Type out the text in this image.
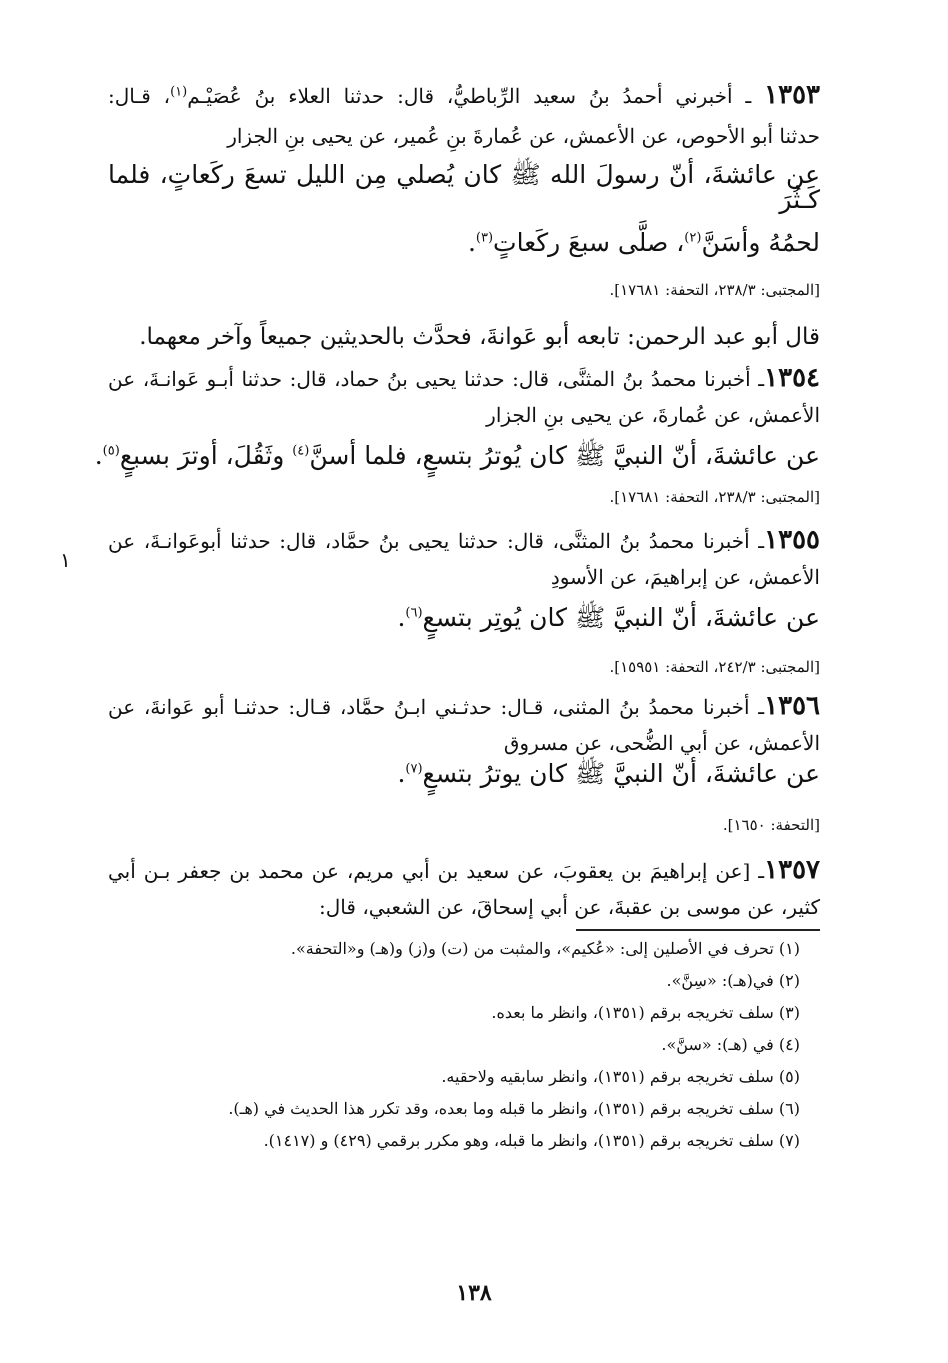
١٣٥٣ ـ أخبرني أحمدُ بنُ سعيد الرِّباطيُّ، قال: حدثنا العلاء بنُ عُصَيْـم$^{(١)}$، قـال:
حدثنا أبو الأحوص، عن الأعمش، عن عُمارةَ بنِ عُمير، عن يحيى بنِ الجزار
عن عائشةَ، أنّ رسولَ الله ﷺ كان يُصلي مِن الليل تسعَ ركَعاتٍ، فلما كَـثُرَ
لحمُهُ وأسَنَّ$^{(٢)}$، صلَّى سبعَ ركَعاتٍ$^{(٣)}$.
[المجتبى: ٢٣٨/٣، التحفة: ١٧٦٨١].
قال أبو عبد الرحمن: تابعه أبو عَوانةَ، فحدَّث بالحديثين جميعاً وآخر معهما.
١٣٥٤ـ أخبرنا محمدُ بنُ المثنَّى، قال: حدثنا يحيى بنُ حماد، قال: حدثنا أبـو عَوانـةَ، عن
الأعمش، عن عُمارةَ، عن يحيى بنِ الجزار
عن عائشةَ، أنّ النبيَّ ﷺ كان يُوترُ بتسعٍ، فلما أسنَّ$^{(٤)}$ وثَقُلَ، أوترَ بسبعٍ$^{(٥)}$.
[المجتبى: ٢٣٨/٣، التحفة: ١٧٦٨١].
١٣٥٥ـ أخبرنا محمدُ بنُ المثنَّى، قال: حدثنا يحيى بنُ حمَّاد، قال: حدثنا أبوعَوانـةَ، عن
الأعمش، عن إبراهيمَ، عن الأسودِ
عن عائشةَ، أنّ النبيَّ ﷺ كان يُوتِر بتسعٍ$^{(٦)}$.
[المجتبى: ٢٤٢/٣، التحفة: ١٥٩٥١].
١٣٥٦ـ أخبرنا محمدُ بنُ المثنى، قـال: حدثـني ابـنُ حمَّاد، قـال: حدثنـا أبو عَوانةَ، عن
الأعمش، عن أبي الضُّحى، عن مسروق
عن عائشةَ، أنّ النبيَّ ﷺ كان يوترُ بتسعٍ$^{(٧)}$.
[التحفة: ١٦٥٠].
١٣٥٧ـ [عن إبراهيمَ بن يعقوبَ، عن سعيد بن أبي مريم، عن محمد بن جعفر بـن أبي
كثير، عن موسى بن عقبةَ، عن أبي إسحاقَ، عن الشعبي، قال:
(١) تحرف في الأصلين إلى: «عُكيم»، والمثبت من (ت) و(ز) و(هـ) و«التحفة».
(٢) في(هـ): «سِنَّ».
(٣) سلف تخريجه برقم (١٣٥١)، وانظر ما بعده.
(٤) في (هـ): «سنَّ».
(٥) سلف تخريجه برقم (١٣٥١)، وانظر سابقيه ولاحقيه.
(٦) سلف تخريجه برقم (١٣٥١)، وانظر ما قبله وما بعده، وقد تكرر هذا الحديث في (هـ).
(٧) سلف تخريجه برقم (١٣٥١)، وانظر ما قبله، وهو مكرر برقمي (٤٢٩) و (١٤١٧).
١
١٣٨
